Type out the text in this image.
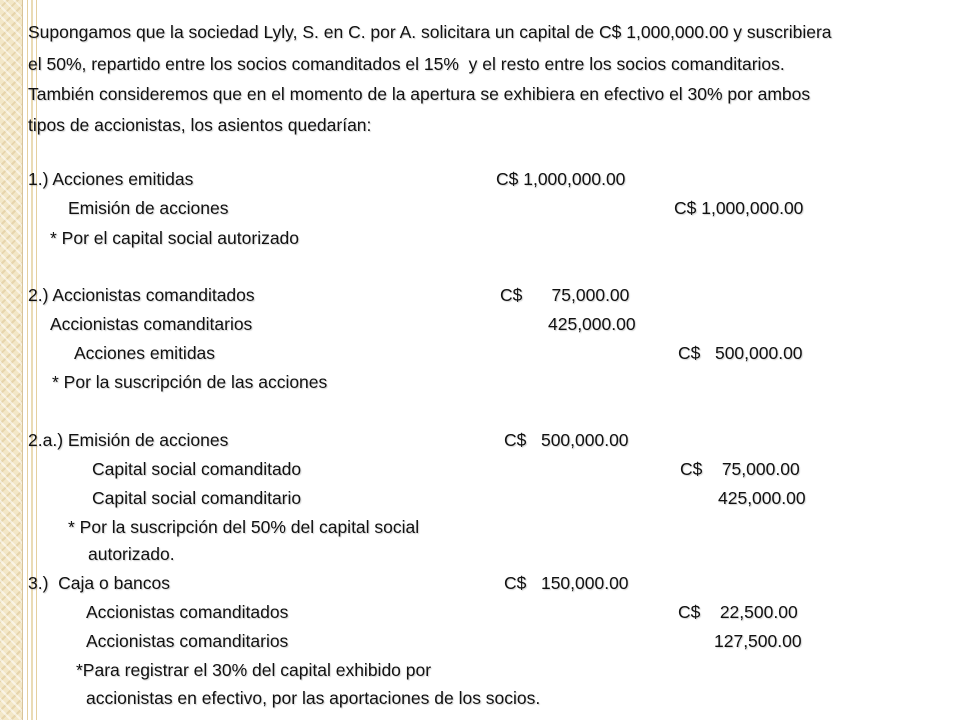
Supongamos que la sociedad Lyly, S. en C. por A. solicitara un capital de C$ 1,000,000.00 y suscribiera
el 50%, repartido entre los socios comanditados el 15%  y el resto entre los socios comanditarios.
También consideremos que en el momento de la apertura se exhibiera en efectivo el 30% por ambos
tipos de accionistas, los asientos quedarían:
1.) Acciones emitidas	C$ 1,000,000.00
Emisión de acciones	C$ 1,000,000.00
* Por el capital social autorizado
2.) Accionistas comanditados	C$      75,000.00
Accionistas comanditarios	425,000.00
Acciones emitidas	C$   500,000.00
* Por la suscripción de las acciones
2.a.) Emisión de acciones	C$   500,000.00
Capital social comanditado	C$    75,000.00
Capital social comanditario	425,000.00
* Por la suscripción del 50% del capital social
autorizado.
3.)  Caja o bancos	C$   150,000.00
Accionistas comanditados	C$    22,500.00
Accionistas comanditarios	127,500.00
*Para registrar el 30% del capital exhibido por
accionistas en efectivo, por las aportaciones de los socios.
